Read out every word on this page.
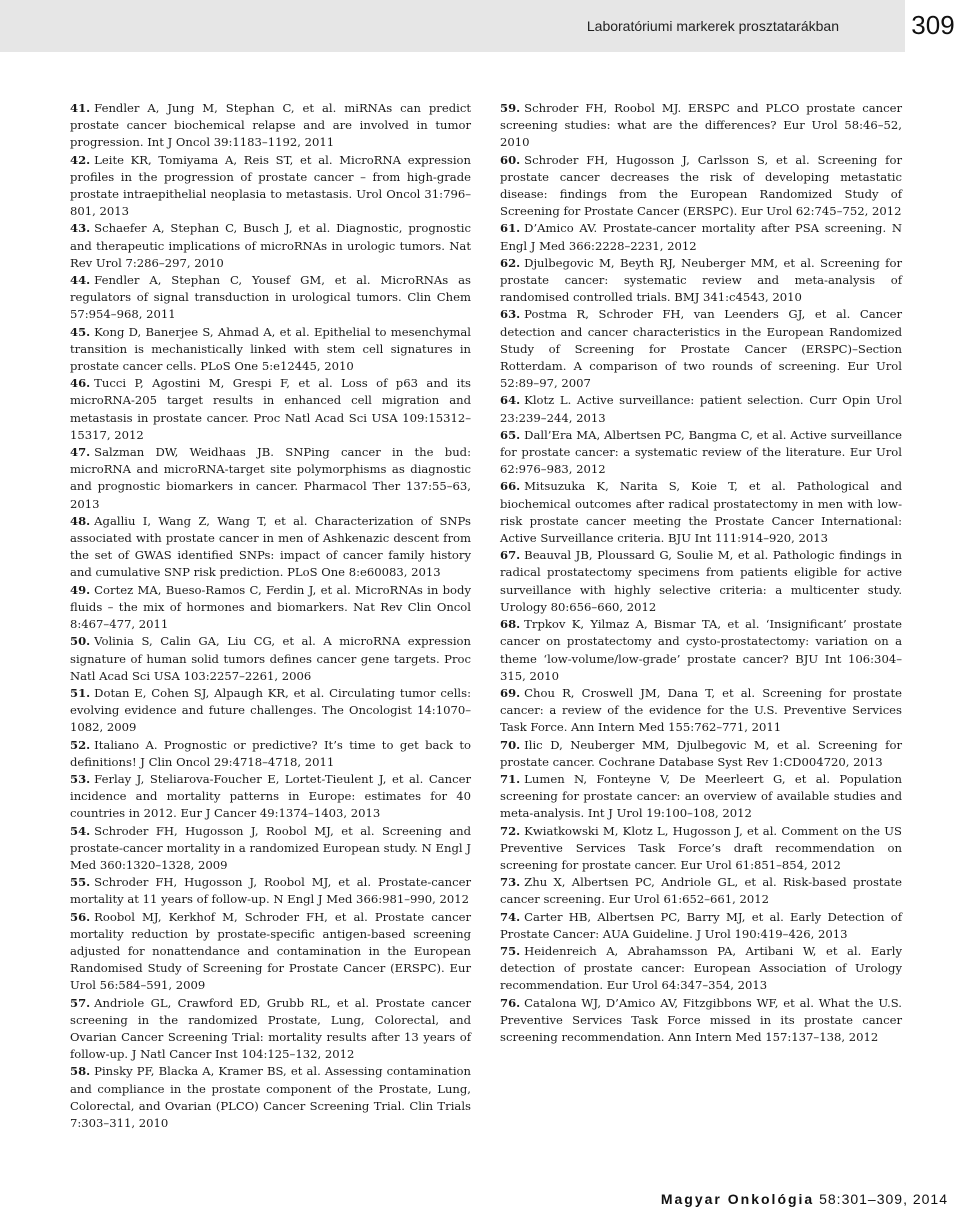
Laboratóriumi markerek prosztatarákban	309

41. Fendler A, Jung M, Stephan C, et al. miRNAs can predict prostate cancer biochemical relapse and are involved in tumor progression. Int J Oncol 39:1183–1192, 2011

42. Leite KR, Tomiyama A, Reis ST, et al. MicroRNA expression profiles in the progression of prostate cancer – from high-grade prostate intraepithelial neoplasia to metastasis. Urol Oncol 31:796–801, 2013

43. Schaefer A, Stephan C, Busch J, et al. Diagnostic, prognostic and therapeutic implications of microRNAs in urologic tumors. Nat Rev Urol 7:286–297, 2010

44. Fendler A, Stephan C, Yousef GM, et al. MicroRNAs as regulators of signal transduction in urological tumors. Clin Chem 57:954–968, 2011

45. Kong D, Banerjee S, Ahmad A, et al. Epithelial to mesenchymal transition is mechanistically linked with stem cell signatures in prostate cancer cells. PLoS One 5:e12445, 2010

46. Tucci P, Agostini M, Grespi F, et al. Loss of p63 and its microRNA-205 target results in enhanced cell migration and metastasis in prostate cancer. Proc Natl Acad Sci USA 109:15312–15317, 2012

47. Salzman DW, Weidhaas JB. SNPing cancer in the bud: microRNA and microRNA-target site polymorphisms as diagnostic and prognostic biomarkers in cancer. Pharmacol Ther 137:55–63, 2013

48. Agalliu I, Wang Z, Wang T, et al. Characterization of SNPs associated with prostate cancer in men of Ashkenazic descent from the set of GWAS identified SNPs: impact of cancer family history and cumulative SNP risk prediction. PLoS One 8:e60083, 2013

49. Cortez MA, Bueso-Ramos C, Ferdin J, et al. MicroRNAs in body fluids – the mix of hormones and biomarkers. Nat Rev Clin Oncol 8:467–477, 2011

50. Volinia S, Calin GA, Liu CG, et al. A microRNA expression signature of human solid tumors defines cancer gene targets. Proc Natl Acad Sci USA 103:2257–2261, 2006

51. Dotan E, Cohen SJ, Alpaugh KR, et al. Circulating tumor cells: evolving evidence and future challenges. The Oncologist 14:1070–1082, 2009

52. Italiano A. Prognostic or predictive? It’s time to get back to definitions! J Clin Oncol 29:4718–4718, 2011

53. Ferlay J, Steliarova-Foucher E, Lortet-Tieulent J, et al. Cancer incidence and mortality patterns in Europe: estimates for 40 countries in 2012. Eur J Cancer 49:1374–1403, 2013

54. Schroder FH, Hugosson J, Roobol MJ, et al. Screening and prostate-cancer mortality in a randomized European study. N Engl J Med 360:1320–1328, 2009

55. Schroder FH, Hugosson J, Roobol MJ, et al. Prostate-cancer mortality at 11 years of follow-up. N Engl J Med 366:981–990, 2012

56. Roobol MJ, Kerkhof M, Schroder FH, et al. Prostate cancer mortality reduction by prostate-specific antigen-based screening adjusted for nonattendance and contamination in the European Randomised Study of Screening for Prostate Cancer (ERSPC). Eur Urol 56:584–591, 2009

57. Andriole GL, Crawford ED, Grubb RL, et al. Prostate cancer screening in the randomized Prostate, Lung, Colorectal, and Ovarian Cancer Screening Trial: mortality results after 13 years of follow-up. J Natl Cancer Inst 104:125–132, 2012

58. Pinsky PF, Blacka A, Kramer BS, et al. Assessing contamination and compliance in the prostate component of the Prostate, Lung, Colorectal, and Ovarian (PLCO) Cancer Screening Trial. Clin Trials 7:303–311, 2010

59. Schroder FH, Roobol MJ. ERSPC and PLCO prostate cancer screening studies: what are the differences? Eur Urol 58:46–52, 2010

60. Schroder FH, Hugosson J, Carlsson S, et al. Screening for prostate cancer decreases the risk of developing metastatic disease: findings from the European Randomized Study of Screening for Prostate Cancer (ERSPC). Eur Urol 62:745–752, 2012

61. D’Amico AV. Prostate-cancer mortality after PSA screening. N Engl J Med 366:2228–2231, 2012

62. Djulbegovic M, Beyth RJ, Neuberger MM, et al. Screening for prostate cancer: systematic review and meta-analysis of randomised controlled trials. BMJ 341:c4543, 2010

63. Postma R, Schroder FH, van Leenders GJ, et al. Cancer detection and cancer characteristics in the European Randomized Study of Screening for Prostate Cancer (ERSPC)–Section Rotterdam. A comparison of two rounds of screening. Eur Urol 52:89–97, 2007

64. Klotz L. Active surveillance: patient selection. Curr Opin Urol 23:239–244, 2013

65. Dall’Era MA, Albertsen PC, Bangma C, et al. Active surveillance for prostate cancer: a systematic review of the literature. Eur Urol 62:976–983, 2012

66. Mitsuzuka K, Narita S, Koie T, et al. Pathological and biochemical outcomes after radical prostatectomy in men with low-risk prostate cancer meeting the Prostate Cancer International: Active Surveillance criteria. BJU Int 111:914–920, 2013

67. Beauval JB, Ploussard G, Soulie M, et al. Pathologic findings in radical prostatectomy specimens from patients eligible for active surveillance with highly selective criteria: a multicenter study. Urology 80:656–660, 2012

68. Trpkov K, Yilmaz A, Bismar TA, et al. ‘Insignificant’ prostate cancer on prostatectomy and cysto-prostatectomy: variation on a theme ‘low-volume/low-grade’ prostate cancer? BJU Int 106:304–315, 2010

69. Chou R, Croswell JM, Dana T, et al. Screening for prostate cancer: a review of the evidence for the U.S. Preventive Services Task Force. Ann Intern Med 155:762–771, 2011

70. Ilic D, Neuberger MM, Djulbegovic M, et al. Screening for prostate cancer. Cochrane Database Syst Rev 1:CD004720, 2013

71. Lumen N, Fonteyne V, De Meerleert G, et al. Population screening for prostate cancer: an overview of available studies and meta-analysis. Int J Urol 19:100–108, 2012

72. Kwiatkowski M, Klotz L, Hugosson J, et al. Comment on the US Preventive Services Task Force’s draft recommendation on screening for prostate cancer. Eur Urol 61:851–854, 2012

73. Zhu X, Albertsen PC, Andriole GL, et al. Risk-based prostate cancer screening. Eur Urol 61:652–661, 2012

74. Carter HB, Albertsen PC, Barry MJ, et al. Early Detection of Prostate Cancer: AUA Guideline. J Urol 190:419–426, 2013

75. Heidenreich A, Abrahamsson PA, Artibani W, et al. Early detection of prostate cancer: European Association of Urology recommendation. Eur Urol 64:347–354, 2013

76. Catalona WJ, D’Amico AV, Fitzgibbons WF, et al. What the U.S. Preventive Services Task Force missed in its prostate cancer screening recommendation. Ann Intern Med 157:137–138, 2012

Magyar Onkológia 58:301–309, 2014
